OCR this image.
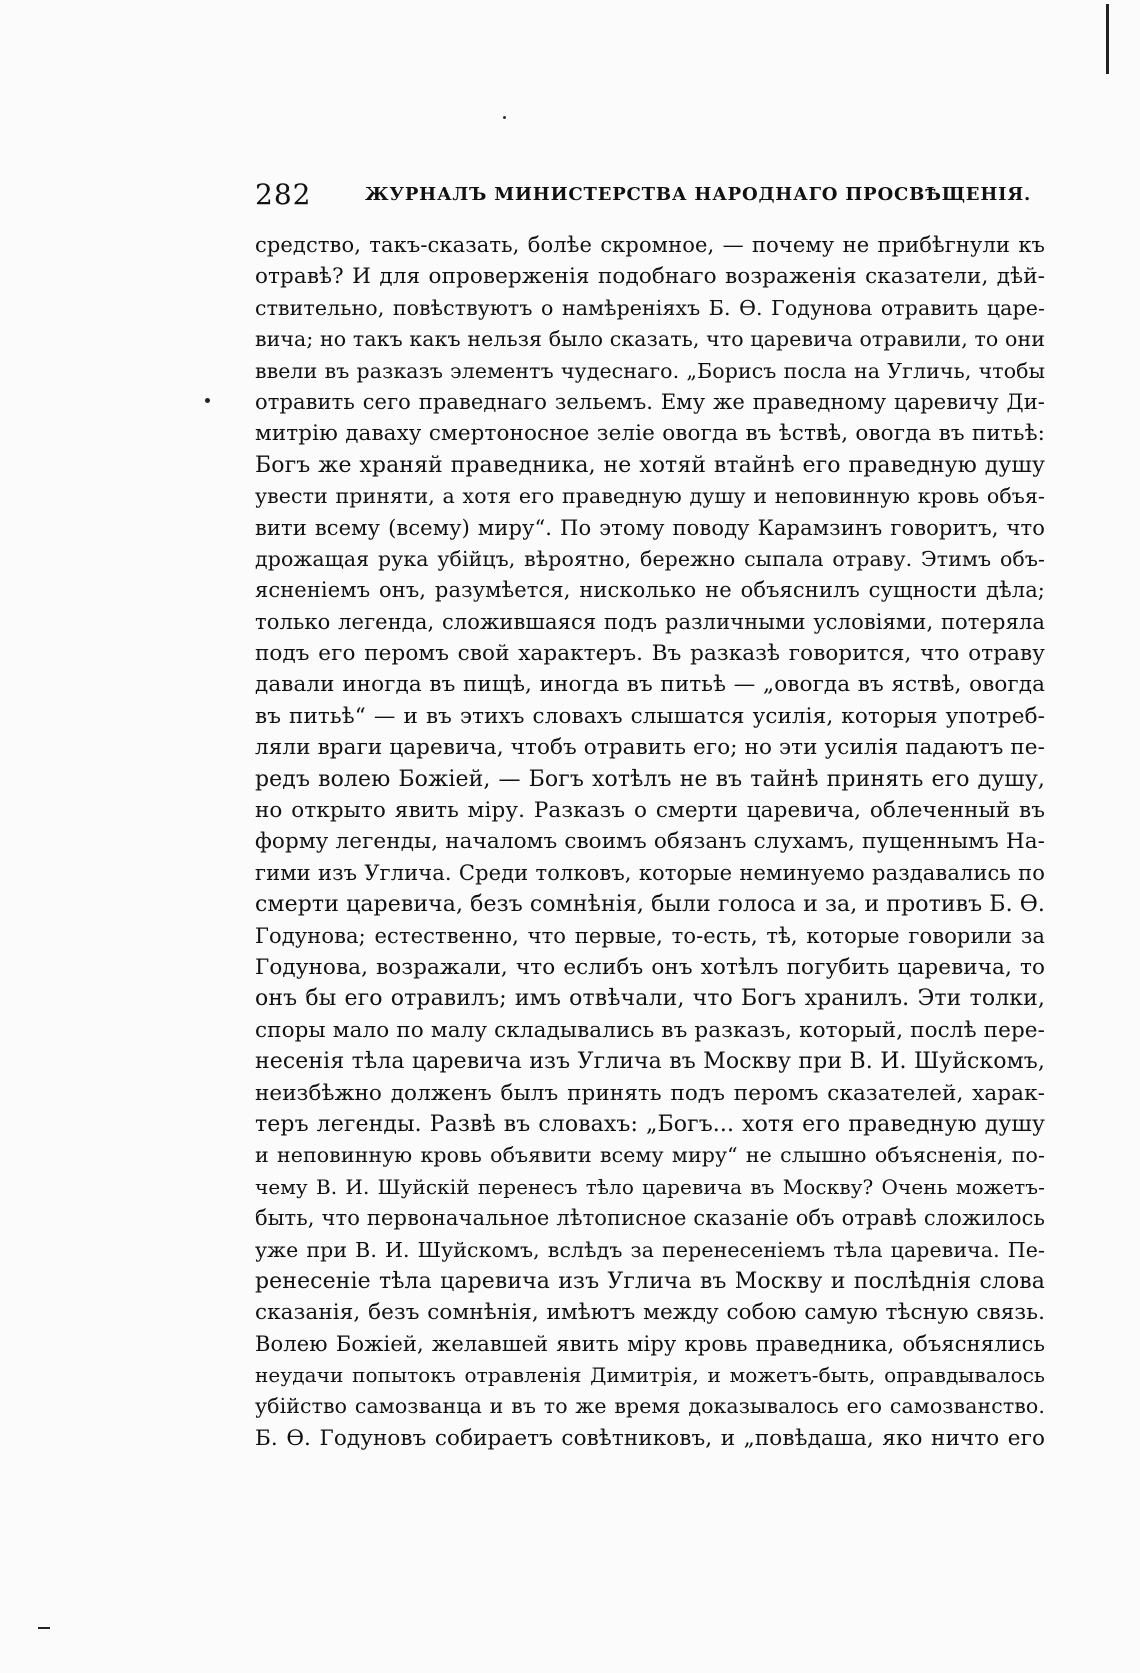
282	ЖУРНАЛЪ МИНИСТЕРСТВА НАРОДНАГО ПРОСВѢЩЕНІЯ.
средство, такъ-сказать, болѣе скромное, — почему не прибѣгнули къ
отравѣ? И для опроверженія подобнаго возраженія сказатели, дѣй-
ствительно, повѣствуютъ о намѣреніяхъ Б. Ѳ. Годунова отравить царе-
вича; но такъ какъ нельзя было сказать, что царевича отравили, то они
ввели въ разказъ элементъ чудеснаго. „Борисъ посла на Угличь, чтобы
отравить сего праведнаго зельемъ. Ему же праведному царевичу Ди-
митрію даваху смертоносное зеліе овогда въ ѣствѣ, овогда въ питьѣ:
Богъ же храняй праведника, не хотяй втайнѣ его праведную душу
увести приняти, а хотя его праведную душу и неповинную кровь объя-
вити всему (всему) миру“. По этому поводу Карамзинъ говоритъ, что
дрожащая рука убійцъ, вѣроятно, бережно сыпала отраву. Этимъ объ-
ясненіемъ онъ, разумѣется, нисколько не объяснилъ сущности дѣла;
только легенда, сложившаяся подъ различными условіями, потеряла
подъ его перомъ свой характеръ. Въ разказѣ говорится, что отраву
давали иногда въ пищѣ, иногда въ питьѣ — „овогда въ яствѣ, овогда
въ питьѣ“ — и въ этихъ словахъ слышатся усилія, которыя употреб-
ляли враги царевича, чтобъ отравить его; но эти усилія падаютъ пе-
редъ волею Божіей, — Богъ хотѣлъ не въ тайнѣ принять его душу,
но открыто явить міру. Разказъ о смерти царевича, облеченный въ
форму легенды, началомъ своимъ обязанъ слухамъ, пущеннымъ На-
гими изъ Углича. Среди толковъ, которые неминуемо раздавались по
смерти царевича, безъ сомнѣнія, были голоса и за, и противъ Б. Ѳ.
Годунова; естественно, что первые, то-есть, тѣ, которые говорили за
Годунова, возражали, что еслибъ онъ хотѣлъ погубить царевича, то
онъ бы его отравилъ; имъ отвѣчали, что Богъ хранилъ. Эти толки,
споры мало по малу складывались въ разказъ, который, послѣ пере-
несенія тѣла царевича изъ Углича въ Москву при В. И. Шуйскомъ,
неизбѣжно долженъ былъ принять подъ перомъ сказателей, харак-
теръ легенды. Развѣ въ словахъ: „Богъ... хотя его праведную душу
и неповинную кровь объявити всему миру“ не слышно объясненія, по-
чему В. И. Шуйскій перенесъ тѣло царевича въ Москву? Очень можетъ-
быть, что первоначальное лѣтописное сказаніе объ отравѣ сложилось
уже при В. И. Шуйскомъ, вслѣдъ за перенесеніемъ тѣла царевича. Пе-
ренесеніе тѣла царевича изъ Углича въ Москву и послѣднія слова
сказанія, безъ сомнѣнія, имѣютъ между собою самую тѣсную связь.
Волею Божіей, желавшей явить міру кровь праведника, объяснялись
неудачи попытокъ отравленія Димитрія, и можетъ-быть, оправдывалось
убійство самозванца и въ то же время доказывалось его самозванство.
Б. Ѳ. Годуновъ собираетъ совѣтниковъ, и „повѣдаша, яко ничто его
